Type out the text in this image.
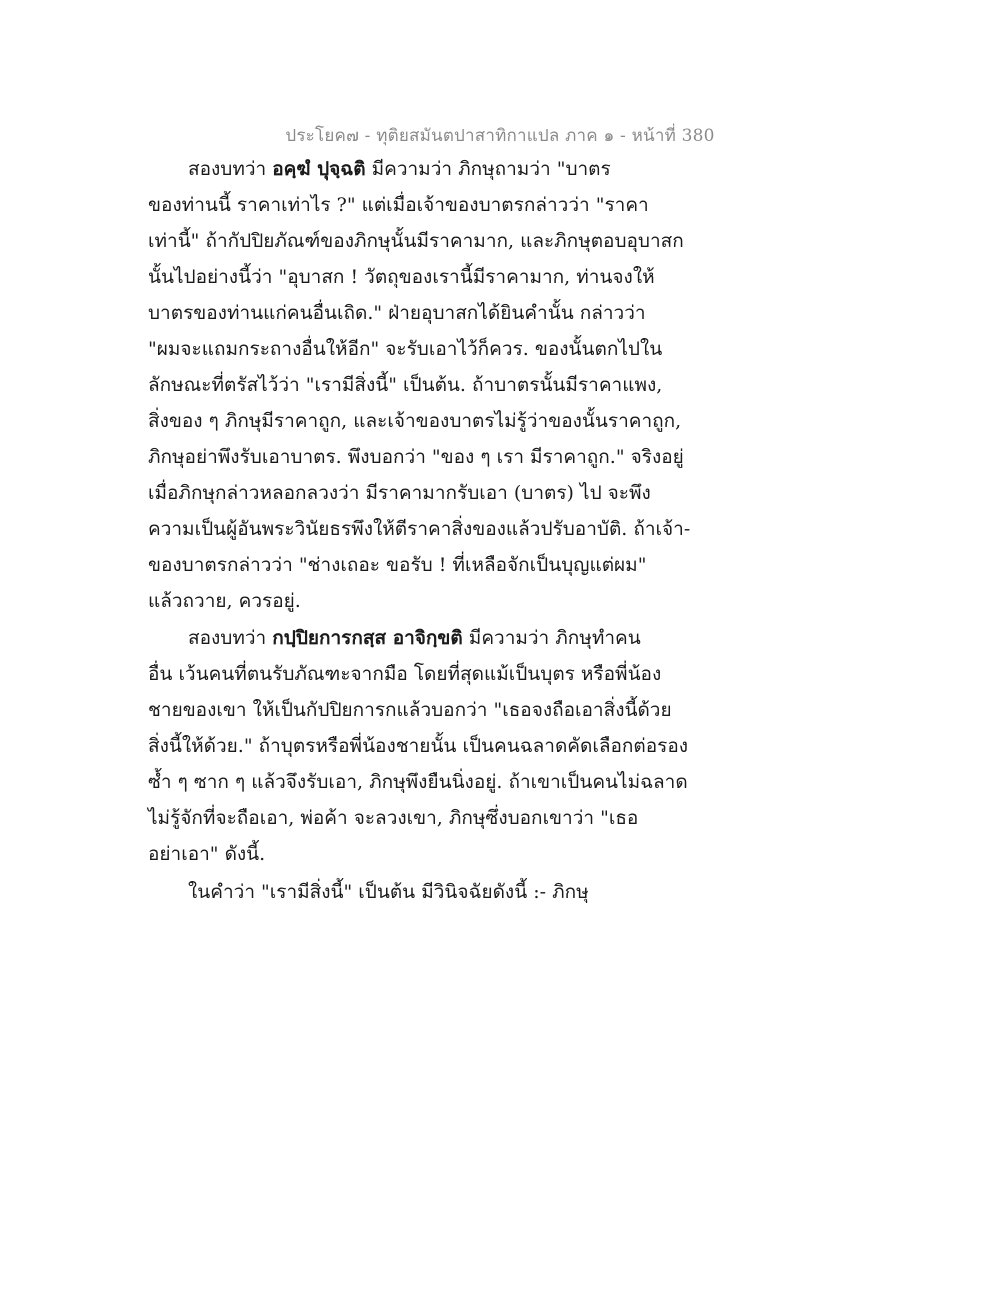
ประโยค๗ - ทุติยสมันตปาสาทิกาแปล ภาค ๑ - หน้าที่ 380
สองบทว่า อคฺฆํ ปุจฺฉติ มีความว่า ภิกษุถามว่า "บาตร
ของท่านนี้ ราคาเท่าไร ?" แต่เมื่อเจ้าของบาตรกล่าวว่า "ราคา
เท่านี้" ถ้ากัปปิยภัณฑ์ของภิกษุนั้นมีราคามาก, และภิกษุตอบอุบาสก
นั้นไปอย่างนี้ว่า "อุบาสก ! วัตถุของเรานี้มีราคามาก, ท่านจงให้
บาตรของท่านแก่คนอื่นเถิด." ฝ่ายอุบาสกได้ยินคำนั้น กล่าวว่า
"ผมจะแถมกระถางอื่นให้อีก" จะรับเอาไว้ก็ควร. ของนั้นตกไปใน
ลักษณะที่ตรัสไว้ว่า "เรามีสิ่งนี้" เป็นต้น. ถ้าบาตรนั้นมีราคาแพง,
สิ่งของ ๆ ภิกษุมีราคาถูก, และเจ้าของบาตรไม่รู้ว่าของนั้นราคาถูก,
ภิกษุอย่าพึงรับเอาบาตร. พึงบอกว่า "ของ ๆ เรา มีราคาถูก." จริงอยู่
เมื่อภิกษุกล่าวหลอกลวงว่า มีราคามากรับเอา (บาตร) ไป จะพึง
ความเป็นผู้อันพระวินัยธรพึงให้ตีราคาสิ่งของแล้วปรับอาบัติ. ถ้าเจ้า-
ของบาตรกล่าวว่า "ช่างเถอะ ขอรับ ! ที่เหลือจักเป็นบุญแต่ผม"
แล้วถวาย, ควรอยู่.
สองบทว่า กปฺปิยการกสฺส อาจิกฺขติ มีความว่า ภิกษุทำคน
อื่น เว้นคนที่ตนรับภัณฑะจากมือ โดยที่สุดแม้เป็นบุตร หรือพี่น้อง
ชายของเขา ให้เป็นกัปปิยการกแล้วบอกว่า "เธอจงถือเอาสิ่งนี้ด้วย
สิ่งนี้ให้ด้วย." ถ้าบุตรหรือพี่น้องชายนั้น เป็นคนฉลาดคัดเลือกต่อรอง
ซ้ำ ๆ ซาก ๆ แล้วจึงรับเอา, ภิกษุพึงยืนนิ่งอยู่. ถ้าเขาเป็นคนไม่ฉลาด
ไม่รู้จักที่จะถือเอา, พ่อค้า จะลวงเขา, ภิกษุซึ่งบอกเขาว่า "เธอ
อย่าเอา" ดังนี้.
ในคำว่า "เรามีสิ่งนี้" เป็นต้น มีวินิจฉัยดังนี้ :- ภิกษุ
